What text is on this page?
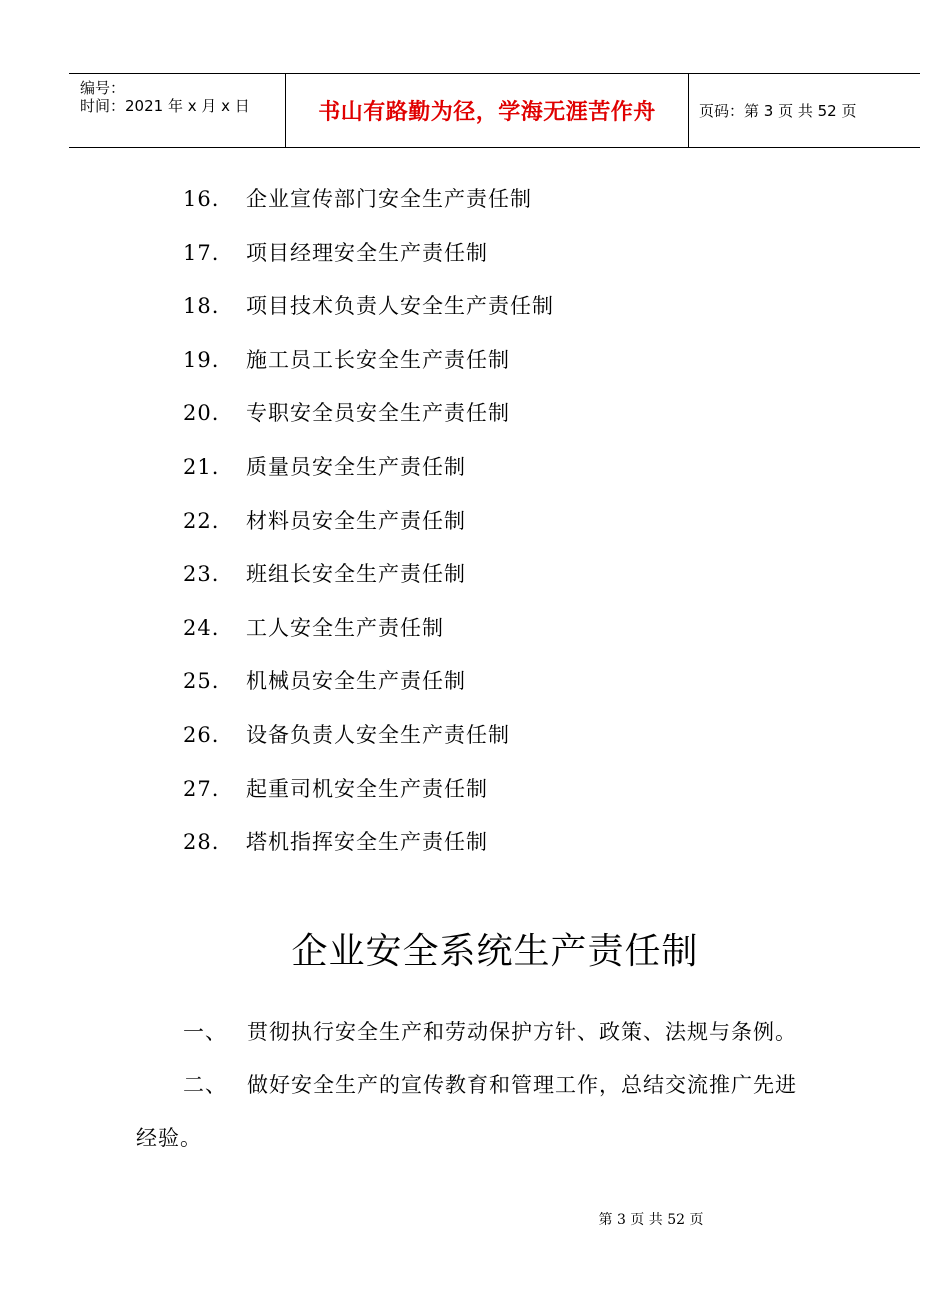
编号：
时间：2021 年 x 月 x 日	书山有路勤为径，学海无涯苦作舟	页码：第 3 页 共 52 页
16.	企业宣传部门安全生产责任制
17.	项目经理安全生产责任制
18.	项目技术负责人安全生产责任制
19.	施工员工长安全生产责任制
20.	专职安全员安全生产责任制
21.	质量员安全生产责任制
22.	材料员安全生产责任制
23.	班组长安全生产责任制
24.	工人安全生产责任制
25.	机械员安全生产责任制
26.	设备负责人安全生产责任制
27.	起重司机安全生产责任制
28.	塔机指挥安全生产责任制
企业安全系统生产责任制
一、 贯彻执行安全生产和劳动保护方针、政策、法规与条例。
二、 做好安全生产的宣传教育和管理工作，总结交流推广先进
经验。
第 3 页 共 52 页
